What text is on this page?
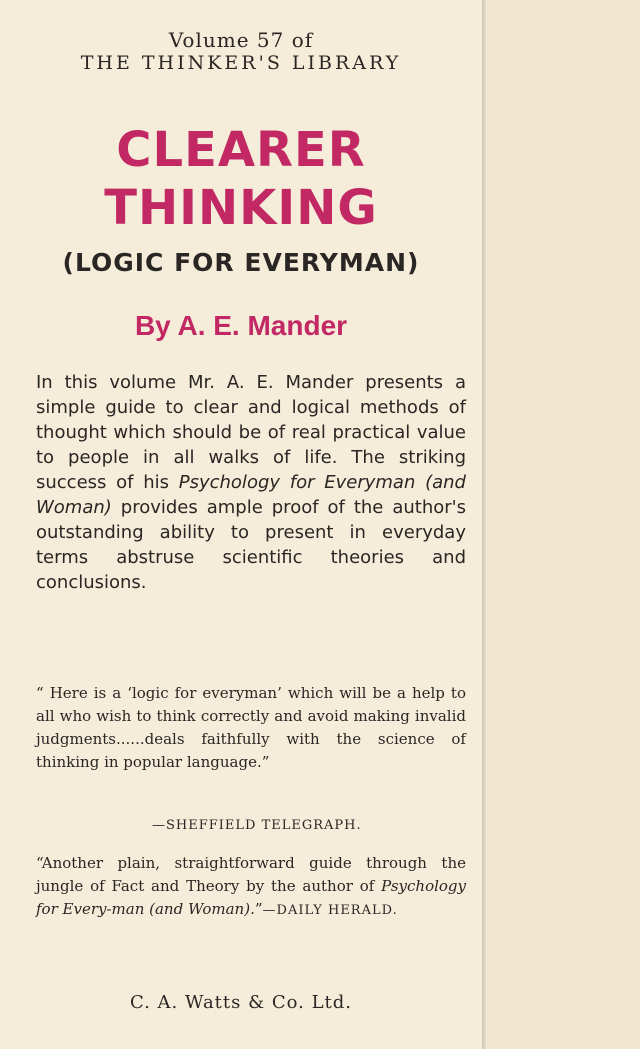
Volume 57 of
THE THINKER'S LIBRARY
CLEARER
THINKING
(LOGIC FOR EVERYMAN)
By A. E. Mander
In this volume Mr. A. E. Mander presents a simple guide to clear and logical methods of thought which should be of real practical value to people in all walks of life. The striking success of his Psychology for Everyman (and Woman) provides ample proof of the author's outstanding ability to present in everyday terms abstruse scientific theories and conclusions.
“ Here is a ‘logic for everyman’ which will be a help to all who wish to think correctly and avoid making invalid judgments......deals faithfully with the science of thinking in popular language.”
—SHEFFIELD TELEGRAPH.
“Another plain, straightforward guide through the jungle of Fact and Theory by the author of Psychology for Every-man (and Woman).”—DAILY HERALD.
C. A. Watts & Co. Ltd.
